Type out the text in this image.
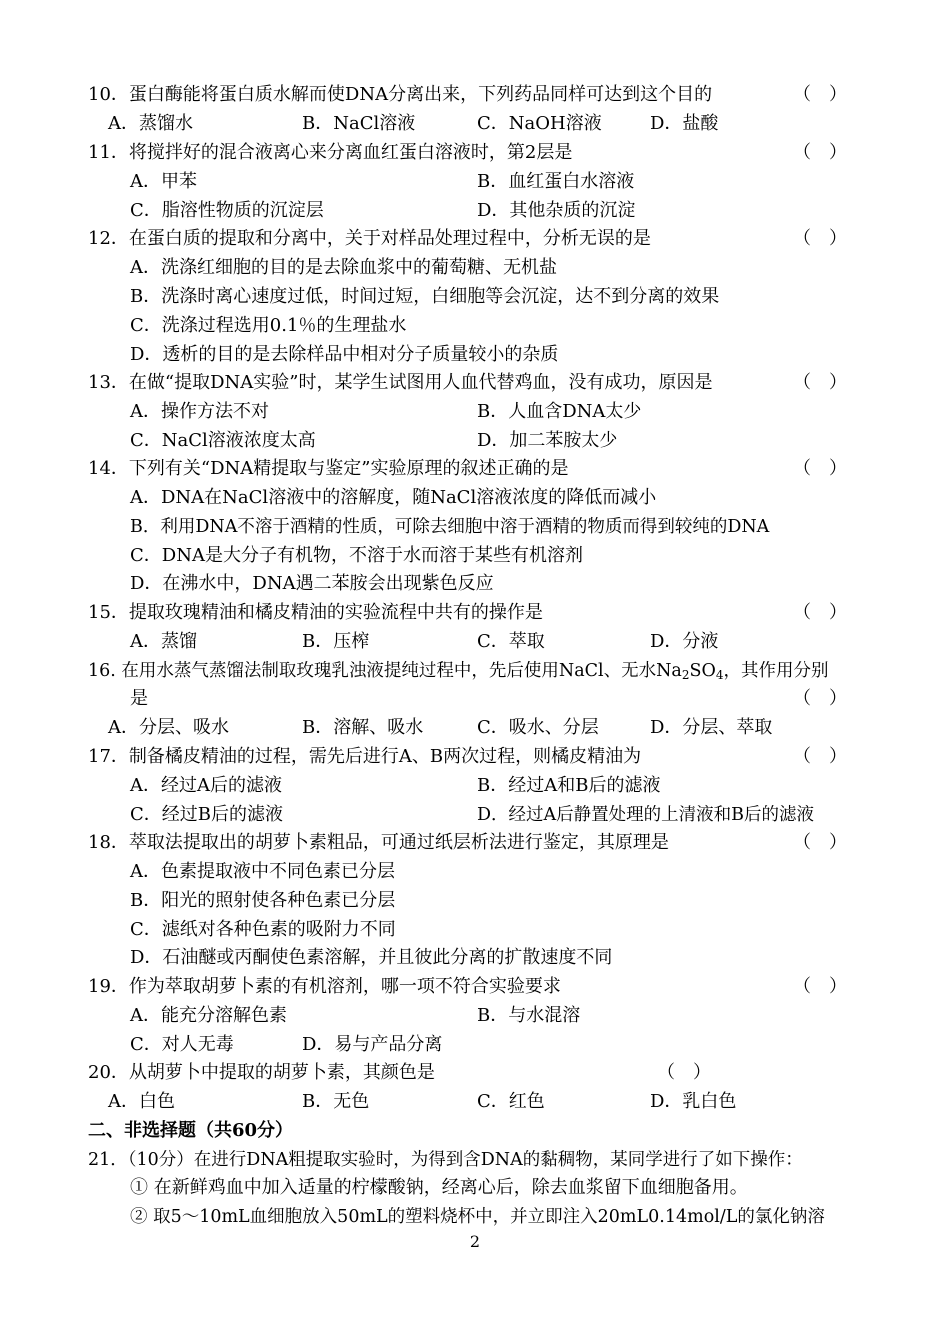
10．蛋白酶能将蛋白质水解而使DNA分离出来，下列药品同样可达到这个目的	（　）
A．蒸馏水	B．NaCl溶液	C．NaOH溶液	D．盐酸
11．将搅拌好的混合液离心来分离血红蛋白溶液时，第2层是	（　）
A．甲苯	B．血红蛋白水溶液
C．脂溶性物质的沉淀层	D．其他杂质的沉淀
12．在蛋白质的提取和分离中，关于对样品处理过程中，分析无误的是	（　）
A．洗涤红细胞的目的是去除血浆中的葡萄糖、无机盐
B．洗涤时离心速度过低，时间过短，白细胞等会沉淀，达不到分离的效果
C．洗涤过程选用0.1％的生理盐水
D．透析的目的是去除样品中相对分子质量较小的杂质
13．在做“提取DNA实验”时，某学生试图用人血代替鸡血，没有成功，原因是	（　）
A．操作方法不对	B．人血含DNA太少
C．NaCl溶液浓度太高	D．加二苯胺太少
14．下列有关“DNA精提取与鉴定”实验原理的叙述正确的是	（　）
A．DNA在NaCl溶液中的溶解度，随NaCl溶液浓度的降低而减小
B．利用DNA不溶于酒精的性质，可除去细胞中溶于酒精的物质而得到较纯的DNA
C．DNA是大分子有机物，不溶于水而溶于某些有机溶剂
D．在沸水中，DNA遇二苯胺会出现紫色反应
15．提取玫瑰精油和橘皮精油的实验流程中共有的操作是	（　）
A．蒸馏	B．压榨	C．萃取	D．分液
16. 在用水蒸气蒸馏法制取玫瑰乳浊液提纯过程中，先后使用NaCl、无水$Na_2SO_4$，其作用分别
是	（　）
A．分层、吸水	B．溶解、吸水	C．吸水、分层	D．分层、萃取
17．制备橘皮精油的过程，需先后进行A、B两次过程，则橘皮精油为	（　）
A．经过A后的滤液	B．经过A和B后的滤液
C．经过B后的滤液	D．经过A后静置处理的上清液和B后的滤液
18．萃取法提取出的胡萝卜素粗品，可通过纸层析法进行鉴定，其原理是	（　）
A．色素提取液中不同色素已分层
B．阳光的照射使各种色素已分层
C．滤纸对各种色素的吸附力不同
D．石油醚或丙酮使色素溶解，并且彼此分离的扩散速度不同
19．作为萃取胡萝卜素的有机溶剂，哪一项不符合实验要求	（　）
A．能充分溶解色素	B．与水混溶
C．对人无毒	D．易与产品分离
20．从胡萝卜中提取的胡萝卜素，其颜色是	（　）
A．白色	B．无色	C．红色	D．乳白色
二、非选择题（共60分）
21．（10分）在进行DNA粗提取实验时，为得到含DNA的黏稠物，某同学进行了如下操作：
① 在新鲜鸡血中加入适量的柠檬酸钠，经离心后，除去血浆留下血细胞备用。
② 取5～10mL血细胞放入50mL的塑料烧杯中，并立即注入20mL0.14mol/L的氯化钠溶
2
